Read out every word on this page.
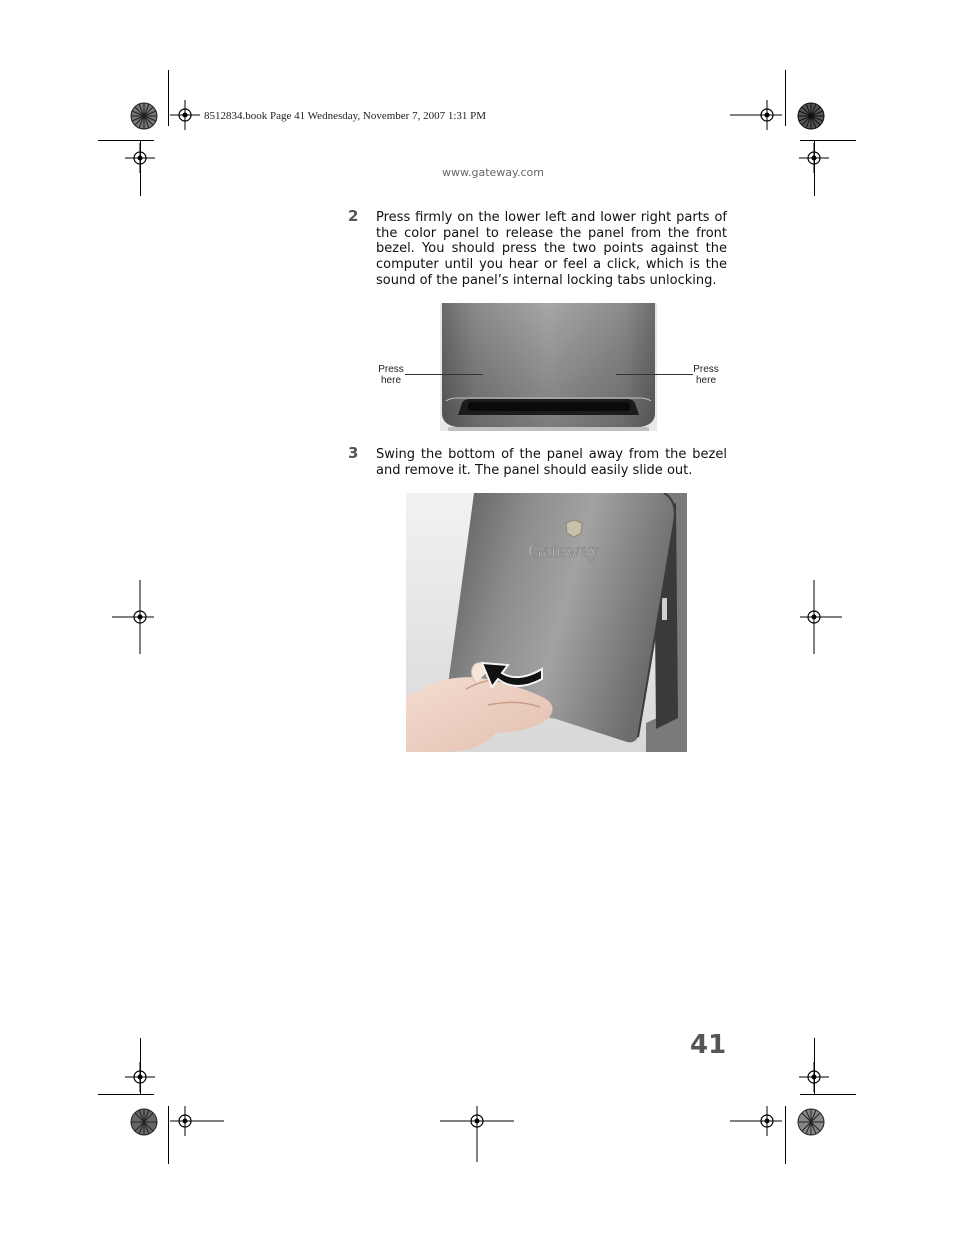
8512834.book Page 41 Wednesday, November 7, 2007 1:31 PM
www.gateway.com
2 Press firmly on the lower left and lower right parts of the color panel to release the panel from the front bezel. You should press the two points against the computer until you hear or feel a click, which is the sound of the panel’s internal locking tabs unlocking.
Press here
Press here
3 Swing the bottom of the panel away from the bezel and remove it. The panel should easily slide out.
Gateway
41
